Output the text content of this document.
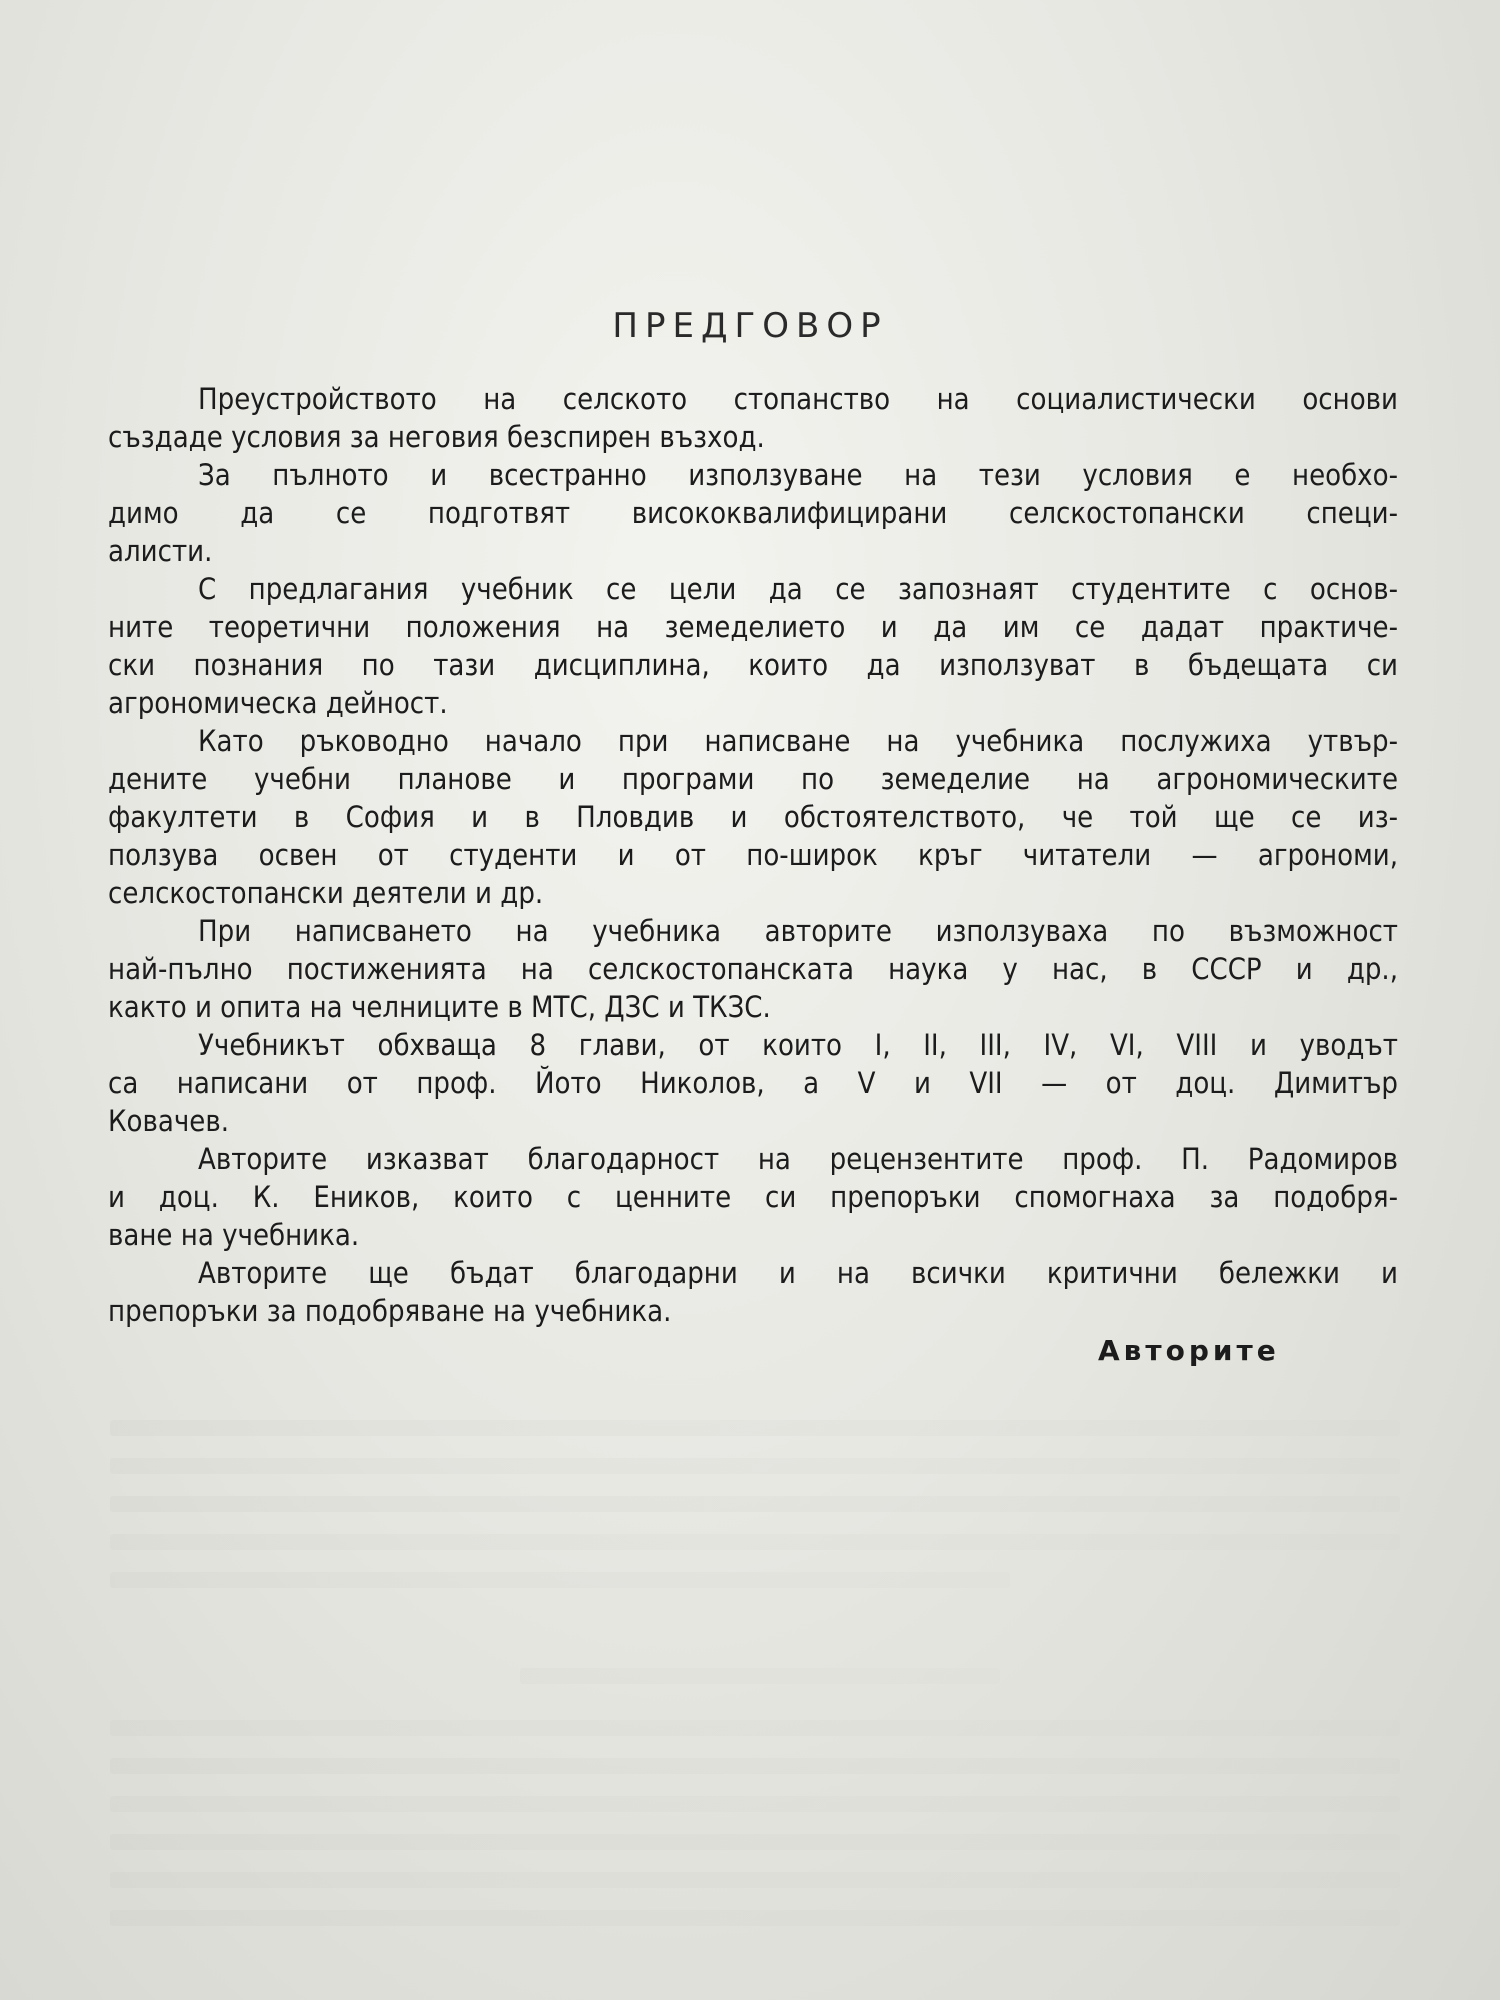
ПРЕДГОВОР
Преустройството на селското стопанство на социалистически основи
създаде условия за неговия безспирен възход.
За пълното и всестранно използуване на тези условия е необхо-
димо да се подготвят висококвалифицирани селскостопански специ-
алисти.
С предлагания учебник се цели да се запознаят студентите с основ-
ните теоретични положения на земеделието и да им се дадат практиче-
ски познания по тази дисциплина, които да използуват в бъдещата си
агрономическа дейност.
Като ръководно начало при написване на учебника послужиха утвър-
дените учебни планове и програми по земеделие на агрономическите
факултети в София и в Пловдив и обстоятелството, че той ще се из-
ползува освен от студенти и от по-широк кръг читатели — агрономи,
селскостопански деятели и др.
При написването на учебника авторите използуваха по възможност
най-пълно постиженията на селскостопанската наука у нас, в СССР и др.,
както и опита на челниците в МТС, ДЗС и ТКЗС.
Учебникът обхваща 8 глави, от които I, II, III, IV, VI, VIII и уводът
са написани от проф. Йото Николов, а V и VII — от доц. Димитър
Ковачев.
Авторите изказват благодарност на рецензентите проф. П. Радомиров
и доц. К. Еников, които с ценните си препоръки спомогнаха за подобря-
ване на учебника.
Авторите ще бъдат благодарни и на всички критични бележки и
препоръки за подобряване на учебника.
Авторите
